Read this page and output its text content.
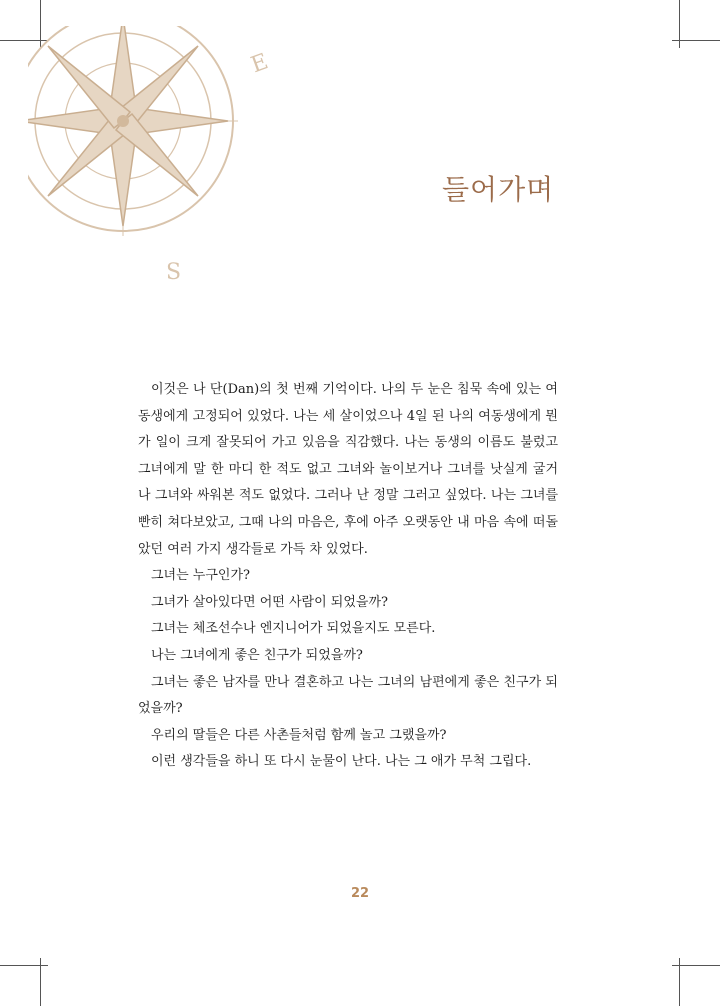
E
S
들어가며

이것은 나 단(Dan)의 첫 번째 기억이다. 나의 두 눈은 침묵 속에 있는 여동생에게 고정되어 있었다. 나는 세 살이었으나 4일 된 나의 여동생에게 뭔가 일이 크게 잘못되어 가고 있음을 직감했다. 나는 동생의 이름도 불렀고 그녀에게 말 한 마디 한 적도 없고 그녀와 놀이보거나 그녀를 낫실게 굴거나 그녀와 싸워본 적도 없었다. 그러나 난 정말 그러고 싶었다. 나는 그녀를 빤히 쳐다보았고, 그때 나의 마음은, 후에 아주 오랫동안 내 마음 속에 떠돌았던 여러 가지 생각들로 가득 차 있었다.

그녀는 누구인가?

그녀가 살아있다면 어떤 사람이 되었을까?

그녀는 체조선수나 엔지니어가 되었을지도 모른다.

나는 그녀에게 좋은 친구가 되었을까?

그녀는 좋은 남자를 만나 결혼하고 나는 그녀의 남편에게 좋은 친구가 되었을까?

우리의 딸들은 다른 사촌들처럼 함께 놀고 그랬을까?

이런 생각들을 하니 또 다시 눈물이 난다. 나는 그 애가 무척 그립다.

22
